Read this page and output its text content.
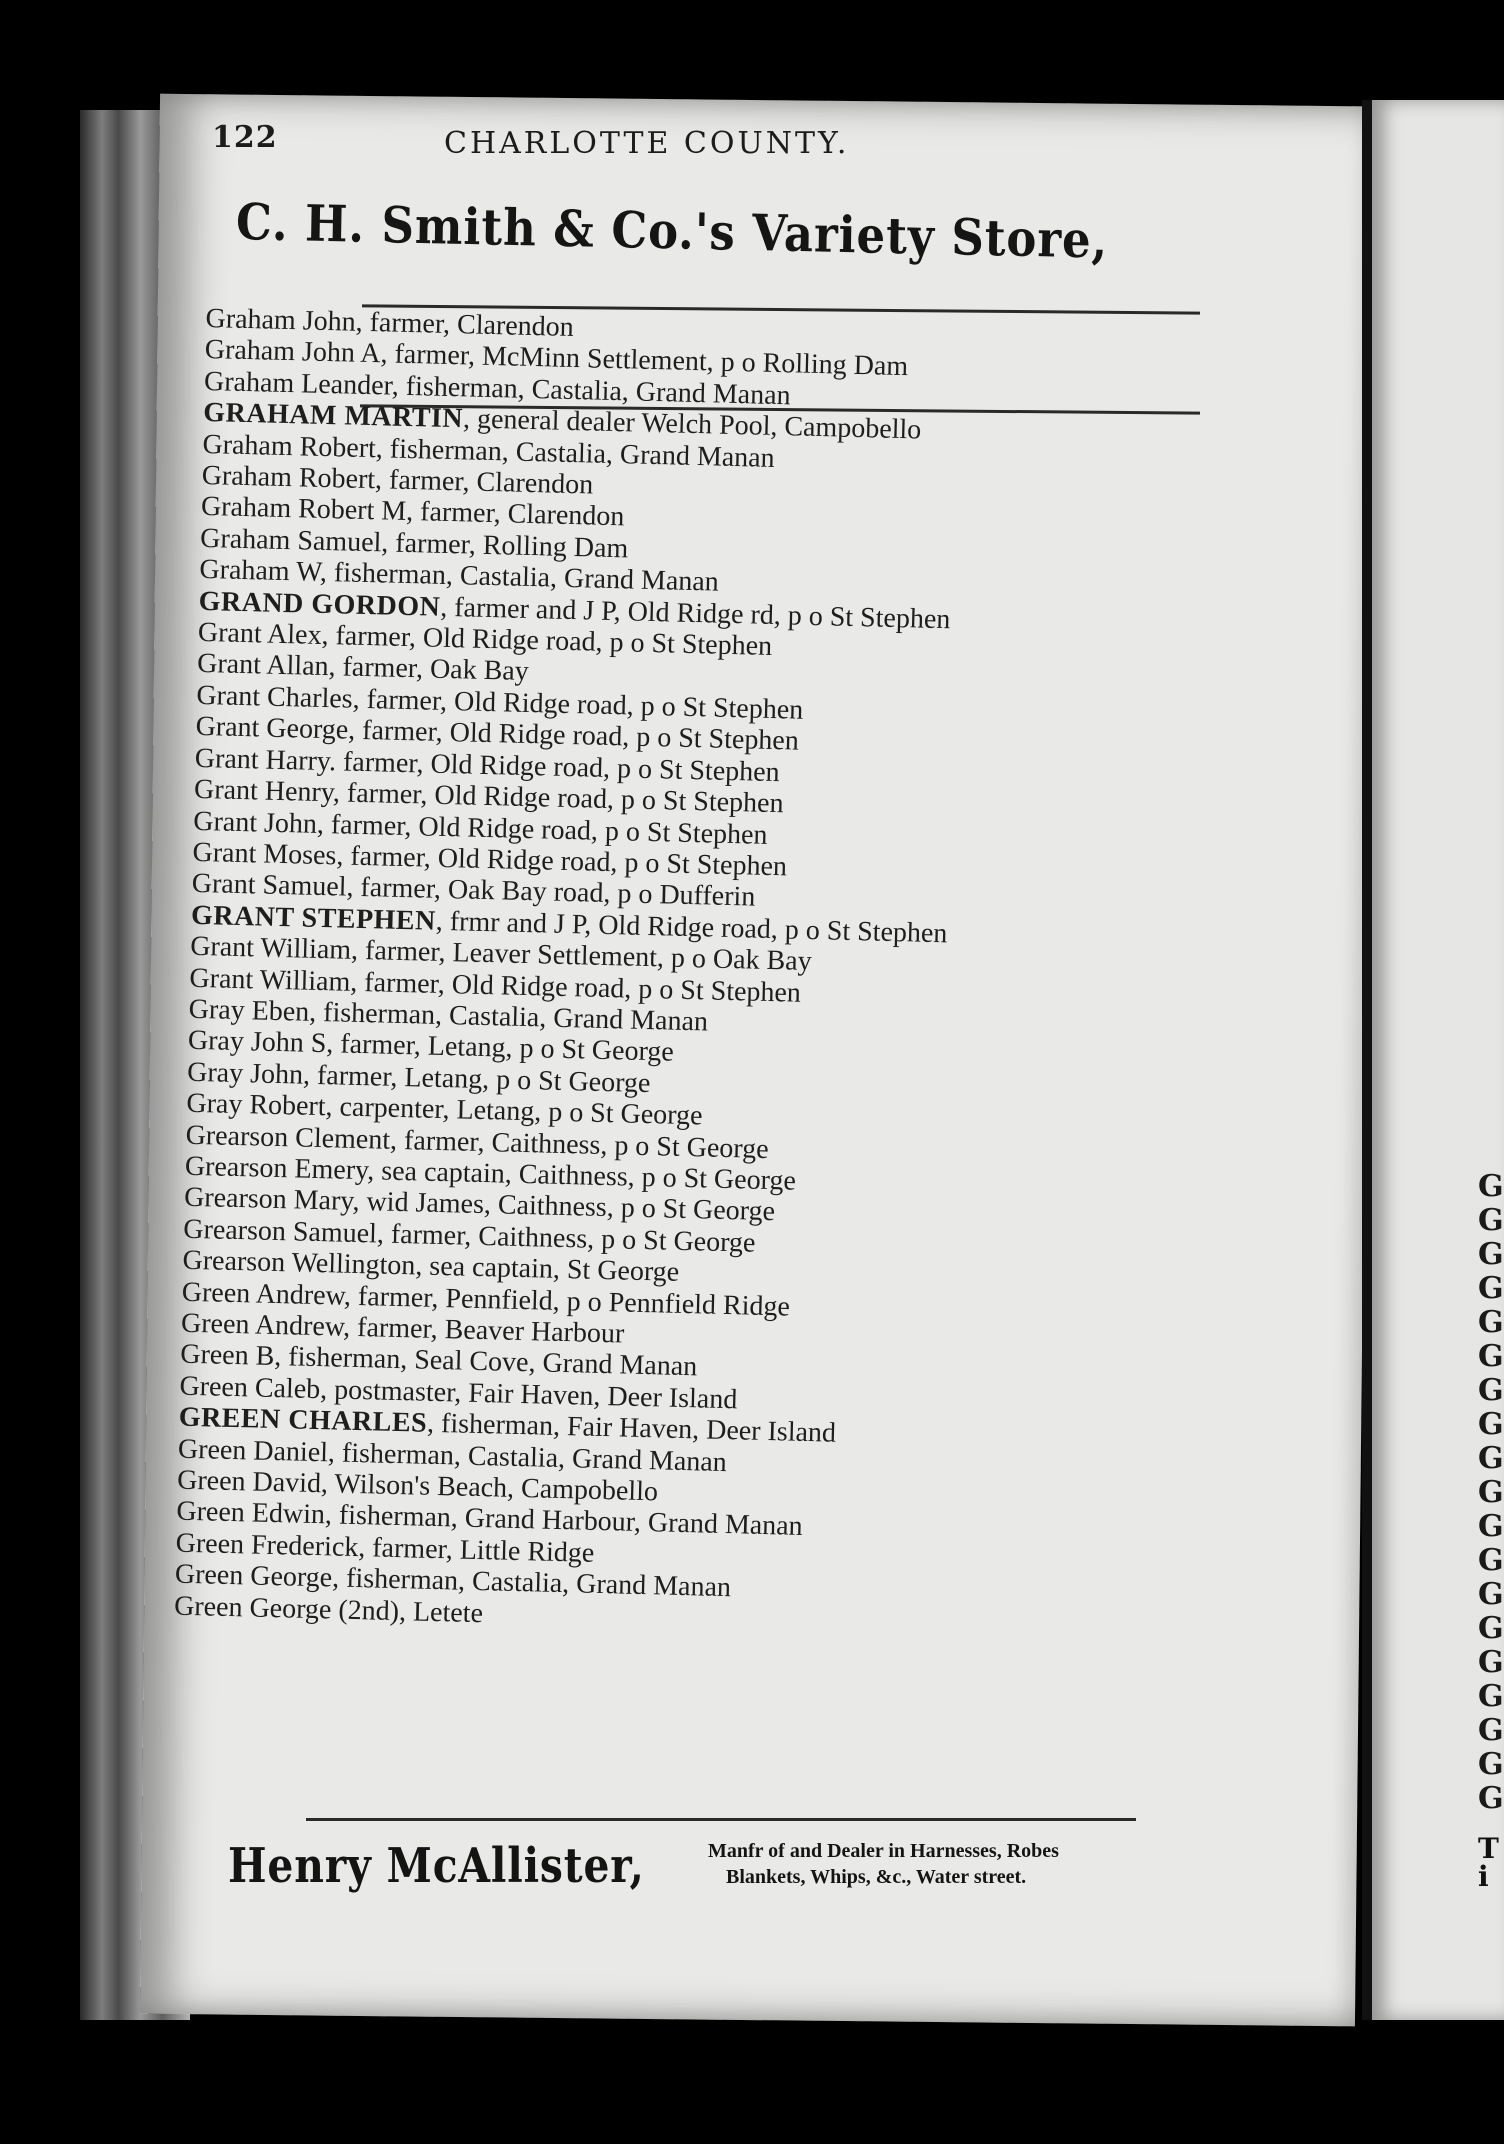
G
G
G
G
G
G
G
G
G
G
G
G
G
G
G
G
G
G
G
T
i
122	CHARLOTTE COUNTY.
C. H. Smith & Co.'s Variety Store,
Graham John, farmer, Clarendon
Graham John A, farmer, McMinn Settlement, p o Rolling Dam
Graham Leander, fisherman, Castalia, Grand Manan
GRAHAM MARTIN, general dealer Welch Pool, Campobello
Graham Robert, fisherman, Castalia, Grand Manan
Graham Robert, farmer, Clarendon
Graham Robert M, farmer, Clarendon
Graham Samuel, farmer, Rolling Dam
Graham W, fisherman, Castalia, Grand Manan
GRAND GORDON, farmer and J P, Old Ridge rd, p o St Stephen
Grant Alex, farmer, Old Ridge road, p o St Stephen
Grant Allan, farmer, Oak Bay
Grant Charles, farmer, Old Ridge road, p o St Stephen
Grant George, farmer, Old Ridge road, p o St Stephen
Grant Harry. farmer, Old Ridge road, p o St Stephen
Grant Henry, farmer, Old Ridge road, p o St Stephen
Grant John, farmer, Old Ridge road, p o St Stephen
Grant Moses, farmer, Old Ridge road, p o St Stephen
Grant Samuel, farmer, Oak Bay road, p o Dufferin
GRANT STEPHEN, frmr and J P, Old Ridge road, p o St Stephen
Grant William, farmer, Leaver Settlement, p o Oak Bay
Grant William, farmer, Old Ridge road, p o St Stephen
Gray Eben, fisherman, Castalia, Grand Manan
Gray John S, farmer, Letang, p o St George
Gray John, farmer, Letang, p o St George
Gray Robert, carpenter, Letang, p o St George
Grearson Clement, farmer, Caithness, p o St George
Grearson Emery, sea captain, Caithness, p o St George
Grearson Mary, wid James, Caithness, p o St George
Grearson Samuel, farmer, Caithness, p o St George
Grearson Wellington, sea captain, St George
Green Andrew, farmer, Pennfield, p o Pennfield Ridge
Green Andrew, farmer, Beaver Harbour
Green B, fisherman, Seal Cove, Grand Manan
Green Caleb, postmaster, Fair Haven, Deer Island
GREEN CHARLES, fisherman, Fair Haven, Deer Island
Green Daniel, fisherman, Castalia, Grand Manan
Green David, Wilson's Beach, Campobello
Green Edwin, fisherman, Grand Harbour, Grand Manan
Green Frederick, farmer, Little Ridge
Green George, fisherman, Castalia, Grand Manan
Green George (2nd), Letete
Henry McAllister,	Manfr of and Dealer in Harnesses, Robes
Blankets, Whips, &c., Water street.
